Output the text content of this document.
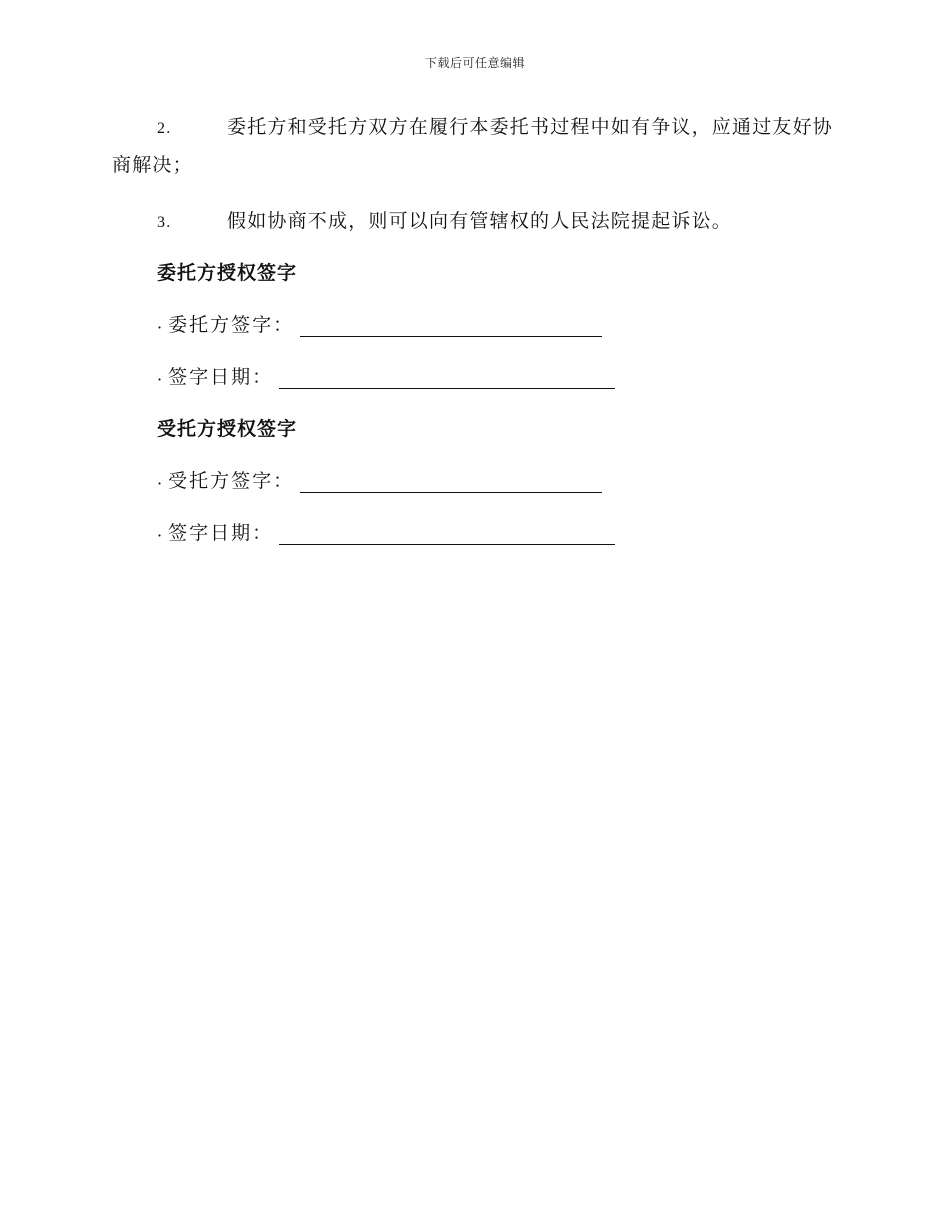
下载后可任意编辑
2.	委托方和受托方双方在履行本委托书过程中如有争议，应通过友好协商解决；
3.	假如协商不成，则可以向有管辖权的人民法院提起诉讼。
委托方授权签字
· 委托方签字：
· 签字日期：
受托方授权签字
· 受托方签字：
· 签字日期：
